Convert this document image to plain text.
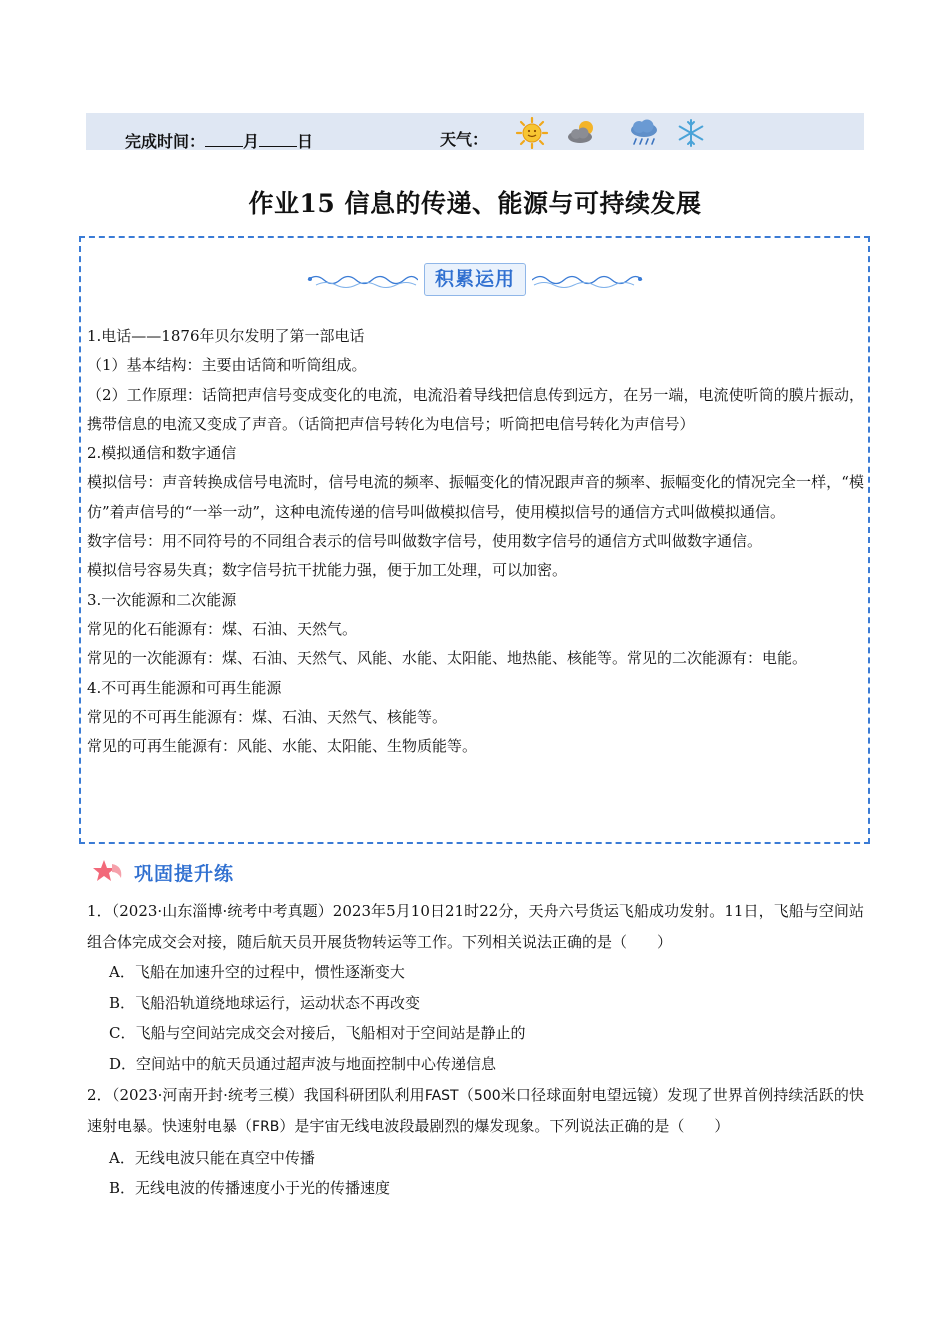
完成时间： 月 日	天气：
作业15 信息的传递、能源与可持续发展
积累运用

1.电话——1876年贝尔发明了第一部电话

（1）基本结构：主要由话筒和听筒组成。

（2）工作原理：话筒把声信号变成变化的电流，电流沿着导线把信息传到远方，在另一端，电流使听筒的膜片振动，携带信息的电流又变成了声音。（话筒把声信号转化为电信号；听筒把电信号转化为声信号）

2.模拟通信和数字通信

模拟信号：声音转换成信号电流时，信号电流的频率、振幅变化的情况跟声音的频率、振幅变化的情况完全一样，“模仿”着声信号的“一举一动”，这种电流传递的信号叫做模拟信号，使用模拟信号的通信方式叫做模拟通信。

数字信号：用不同符号的不同组合表示的信号叫做数字信号，使用数字信号的通信方式叫做数字通信。

模拟信号容易失真；数字信号抗干扰能力强，便于加工处理，可以加密。

3.一次能源和二次能源

常见的化石能源有：煤、石油、天然气。

常见的一次能源有：煤、石油、天然气、风能、水能、太阳能、地热能、核能等。常见的二次能源有：电能。

4.不可再生能源和可再生能源

常见的不可再生能源有：煤、石油、天然气、核能等。

常见的可再生能源有：风能、水能、太阳能、生物质能等。

巩固提升练

1．（2023·山东淄博·统考中考真题）2023年5月10日21时22分，天舟六号货运飞船成功发射。11日，飞船与空间站组合体完成交会对接，随后航天员开展货物转运等工作。下列相关说法正确的是（　　）

A．飞船在加速升空的过程中，惯性逐渐变大

B．飞船沿轨道绕地球运行，运动状态不再改变

C．飞船与空间站完成交会对接后，飞船相对于空间站是静止的

D．空间站中的航天员通过超声波与地面控制中心传递信息

2．（2023·河南开封·统考三模）我国科研团队利用FAST（500米口径球面射电望远镜）发现了世界首例持续活跃的快速射电暴。快速射电暴（FRB）是宇宙无线电波段最剧烈的爆发现象。下列说法正确的是（　　）

A．无线电波只能在真空中传播

B．无线电波的传播速度小于光的传播速度
